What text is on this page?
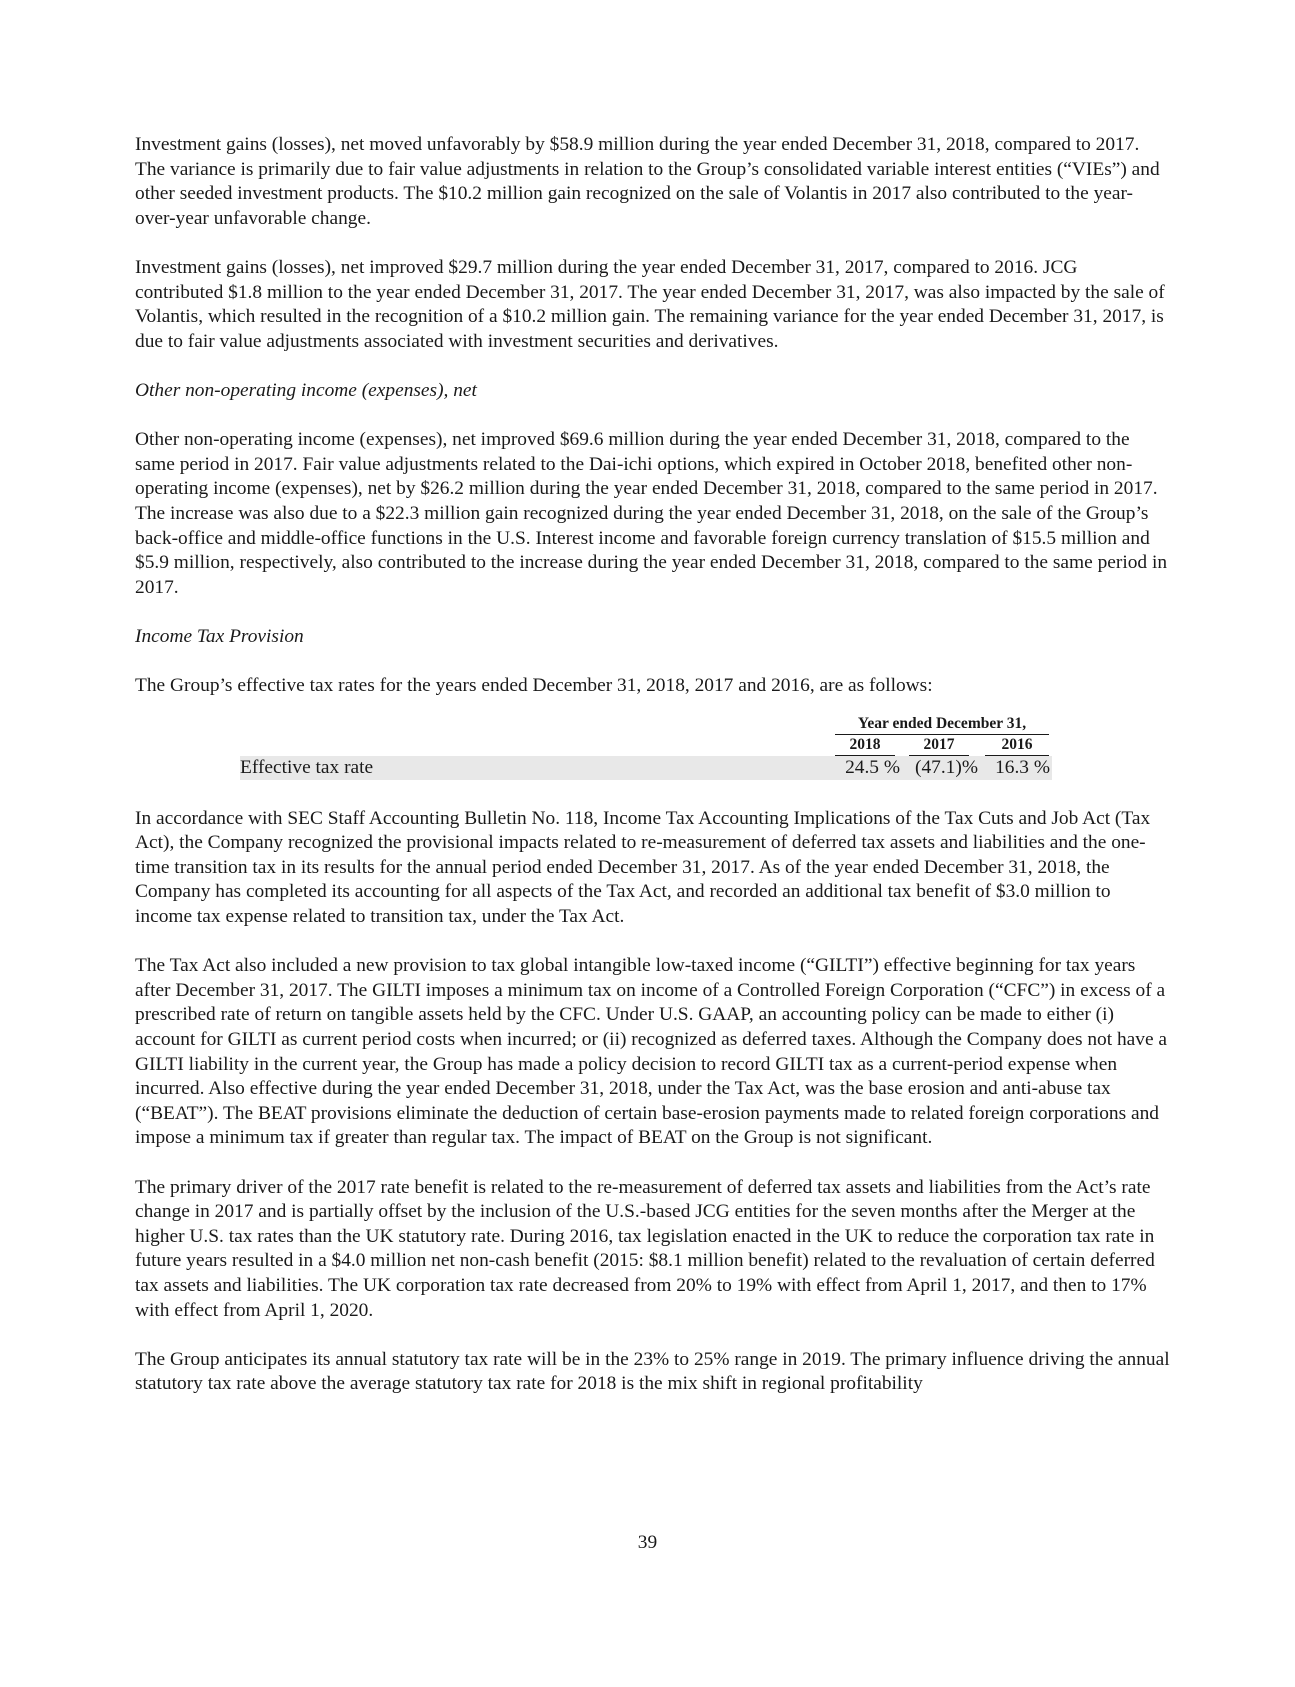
Investment gains (losses), net moved unfavorably by $58.9 million during the year ended December 31, 2018, compared to 2017. The variance is primarily due to fair value adjustments in relation to the Group’s consolidated variable interest entities (“VIEs”) and other seeded investment products. The $10.2 million gain recognized on the sale of Volantis in 2017 also contributed to the year-over-year unfavorable change.

Investment gains (losses), net improved $29.7 million during the year ended December 31, 2017, compared to 2016. JCG contributed $1.8 million to the year ended December 31, 2017. The year ended December 31, 2017, was also impacted by the sale of Volantis, which resulted in the recognition of a $10.2 million gain. The remaining variance for the year ended December 31, 2017, is due to fair value adjustments associated with investment securities and derivatives.

Other non-operating income (expenses), net

Other non-operating income (expenses), net improved $69.6 million during the year ended December 31, 2018, compared to the same period in 2017. Fair value adjustments related to the Dai-ichi options, which expired in October 2018, benefited other non-operating income (expenses), net by $26.2 million during the year ended December 31, 2018, compared to the same period in 2017. The increase was also due to a $22.3 million gain recognized during the year ended December 31, 2018, on the sale of the Group’s back-office and middle-office functions in the U.S. Interest income and favorable foreign currency translation of $15.5 million and $5.9 million, respectively, also contributed to the increase during the year ended December 31, 2018, compared to the same period in 2017.

Income Tax Provision

The Group’s effective tax rates for the years ended December 31, 2018, 2017 and 2016, are as follows:

Year ended December 31,
2018	2017	2016
Effective tax rate	24.5 % (47.1)% 16.3 %

In accordance with SEC Staff Accounting Bulletin No. 118, Income Tax Accounting Implications of the Tax Cuts and Job Act (Tax Act), the Company recognized the provisional impacts related to re-measurement of deferred tax assets and liabilities and the one-time transition tax in its results for the annual period ended December 31, 2017. As of the year ended December 31, 2018, the Company has completed its accounting for all aspects of the Tax Act, and recorded an additional tax benefit of $3.0 million to income tax expense related to transition tax, under the Tax Act.

The Tax Act also included a new provision to tax global intangible low-taxed income (“GILTI”) effective beginning for tax years after December 31, 2017. The GILTI imposes a minimum tax on income of a Controlled Foreign Corporation (“CFC”) in excess of a prescribed rate of return on tangible assets held by the CFC. Under U.S. GAAP, an accounting policy can be made to either (i) account for GILTI as current period costs when incurred; or (ii) recognized as deferred taxes. Although the Company does not have a GILTI liability in the current year, the Group has made a policy decision to record GILTI tax as a current-period expense when incurred. Also effective during the year ended December 31, 2018, under the Tax Act, was the base erosion and anti-abuse tax (“BEAT”). The BEAT provisions eliminate the deduction of certain base-erosion payments made to related foreign corporations and impose a minimum tax if greater than regular tax. The impact of BEAT on the Group is not significant.

The primary driver of the 2017 rate benefit is related to the re-measurement of deferred tax assets and liabilities from the Act’s rate change in 2017 and is partially offset by the inclusion of the U.S.-based JCG entities for the seven months after the Merger at the higher U.S. tax rates than the UK statutory rate. During 2016, tax legislation enacted in the UK to reduce the corporation tax rate in future years resulted in a $4.0 million net non-cash benefit (2015: $8.1 million benefit) related to the revaluation of certain deferred tax assets and liabilities. The UK corporation tax rate decreased from 20% to 19% with effect from April 1, 2017, and then to 17% with effect from April 1, 2020.

The Group anticipates its annual statutory tax rate will be in the 23% to 25% range in 2019. The primary influence driving the annual statutory tax rate above the average statutory tax rate for 2018 is the mix shift in regional profitability

39
